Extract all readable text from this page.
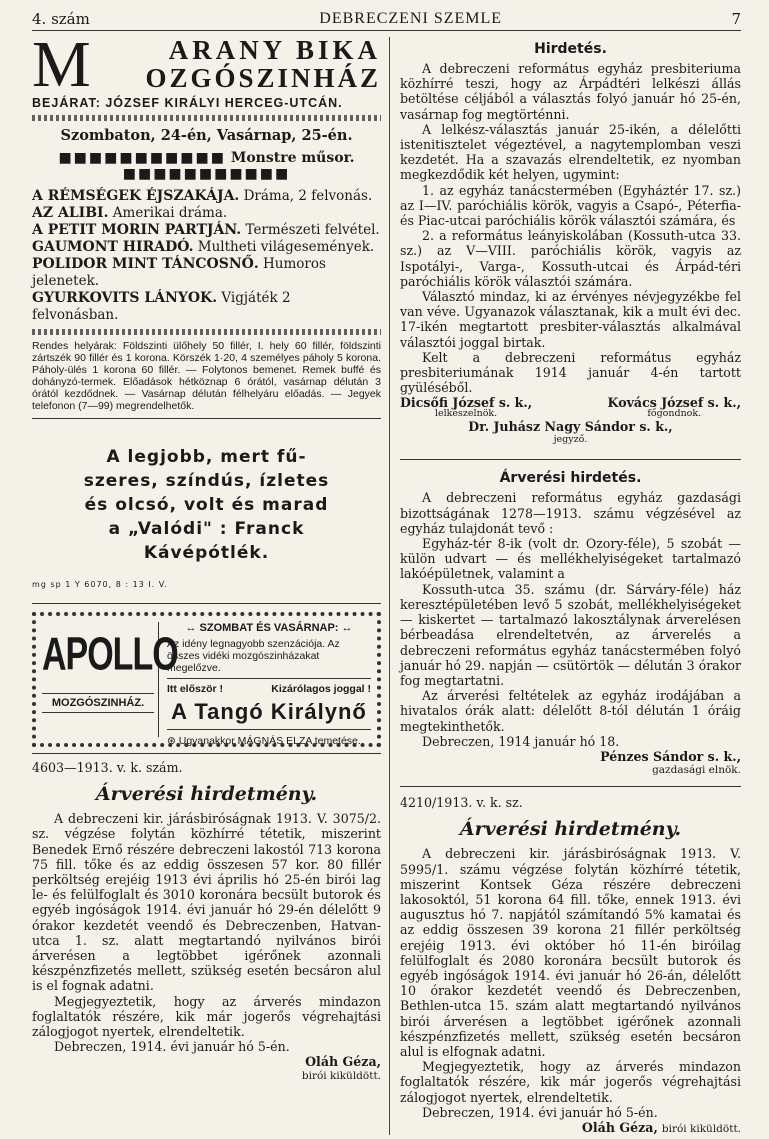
4. szám	DEBRECZENI SZEMLE	7
M	ARANY BIKA
OZGÓSZINHÁZ
BEJÁRAT: JÓZSEF KIRÁLYI HERCEG-UTCÁN.
Szombaton, 24-én, Vasárnap, 25-én.
■■■■■■■■■■■ Monstre műsor. ■■■■■■■■■■■
A RÉMSÉGEK ÉJSZAKÁJA. Dráma, 2 felvonás.
AZ ALIBI. Amerikai dráma.
A PETIT MORIN PARTJÁN. Természeti felvétel.
GAUMONT HIRADÓ. Multheti világesemények.
POLIDOR MINT TÁNCOSNŐ. Humoros jelenetek.
GYURKOVITS LÁNYOK. Vigjáték 2 felvonásban.

Rendes helyárak: Földszinti ülőhely 50 fillér, I. hely 60 fillér, földszinti zártszék 90 fillér és 1 korona. Körszék 1·20, 4 személyes páholy 5 korona. Páholy-ülés 1 korona 60 fillér. — Folytonos bemenet. Remek buffé és dohányzó-termek. Előadások hétköznap 6 órától, vasárnap délután 3 órától kezdődnek. — Vasárnap délután félhelyáru előadás. — Jegyek telefonon (7—99) megrendelhetők.

A legjobb, mert fű-
szeres, színdús, ízletes
és olcsó, volt és marad
a „Valódi" : Franck
Kávépótlék.
mg sp 1 Y 6070, 8 : 13 I. V.
APOLLO
MOZGÓSZINHÁZ.
↔ SZOMBAT ÉS VASÁRNAP: ↔
Az idény legnagyobb szenzációja. Az összes vidéki mozgószinházakat megelőzve.
Itt először !	Kizárólagos joggal !
A Tangó Királynő
⊛ Ugyanakkor MÁGNÁS ELZA temetése.

4603—1913. v. k. szám.

Árverési hirdetmény.

A debreczeni kir. járásbiróságnak 1913. V. 3075/2. sz. végzése folytán közhírré tétetik, miszerint Benedek Ernő részére debreczeni lakostól 713 korona 75 fill. tőke és az eddig összesen 57 kor. 80 fillér perköltség erejéig 1913 évi április hó 25-én birói lag le- és felülfoglalt és 3010 koronára becsült butorok és egyéb ingóságok 1914. évi január hó 29-én délelőtt 9 órakor kezdetét veendő és Debreczenben, Hatvan-utca 1. sz. alatt megtartandó nyilvános birói árverésen a legtöbbet igérőnek azonnali készpénzfizetés mellett, szükség esetén becsáron alul is el fognak adatni.

Megjegyeztetik, hogy az árverés mindazon foglaltatók részére, kik már jogerős végrehajtási zálogjogot nyertek, elrendeltetik.

Debreczen, 1914. évi január hó 5-én.

Oláh Géza,

birói kiküldött.

Hirdetés.

A debreczeni református egyház presbiteriuma közhírré teszi, hogy az Árpádtéri lelkészi állás betöltése céljából a választás folyó január hó 25-én, vasárnap fog megtörténni.

A lelkész-választás január 25-ikén, a délelőtti istenitisztelet végeztével, a nagytemplomban veszi kezdetét. Ha a szavazás elrendeltetik, ez nyomban megkezdődik két helyen, ugymint:

1. az egyház tanácstermében (Egyháztér 17. sz.) az I—IV. paróchiális körök, vagyis a Csapó-, Péterfia- és Piac-utcai paróchiális körök választói számára, és

2. a református leányiskolában (Kossuth-utca 33. sz.) az V—VIII. paróchiális körök, vagyis az Ispotályi-, Varga-, Kossuth-utcai és Árpád-téri paróchiális körök választói számára.

Választó mindaz, ki az érvényes névjegyzékbe fel van véve. Ugyanazok választanak, kik a mult évi dec. 17-ikén megtartott presbiter-választás alkalmával választói joggal birtak.

Kelt a debreczeni református egyház presbiteriumának 1914 január 4-én tartott gyüléséből.

Dicsőfi József s. k.,
lelkészelnök.
Kovács József s. k.,
főgondnok.
Dr. Juhász Nagy Sándor s. k.,
jegyző.
Árverési hirdetés.

A debreczeni református egyház gazdasági bizottságának 1278—1913. számu végzésével az egyház tulajdonát tevő :

Egyház-tér 8-ik (volt dr. Ozory-féle), 5 szobát — külön udvart — és mellékhelyiségeket tartalmazó lakóépületnek, valamint a

Kossuth-utca 35. számu (dr. Sárváry-féle) ház keresztépületében levő 5 szobát, mellékhelyiségeket — kiskertet — tartalmazó lakosztálynak árverelésen bérbeadása elrendeltetvén, az árverelés a debreczeni református egyház tanácstermében folyó január hó 29. napján — csütörtök — délután 3 órakor fog megtartatni.

Az árverési feltételek az egyház irodájában a hivatalos órák alatt: délelőtt 8-tól délután 1 óráig megtekinthetők.

Debreczen, 1914 január hó 18.

Pénzes Sándor s. k.,

gazdasági elnök.

4210/1913. v. k. sz.

Árverési hirdetmény.

A debreczeni kir. járásbiróságnak 1913. V. 5995/1. számu végzése folytán közhírré tétetik, miszerint Kontsek Géza részére debreczeni lakosoktól, 51 korona 64 fill. tőke, ennek 1913. évi augusztus hó 7. napjától számítandó 5% kamatai és az eddig összesen 39 korona 21 fillér perköltség erejéig 1913. évi október hó 11-én biróilag felülfoglalt és 2080 koronára becsült butorok és egyéb ingóságok 1914. évi január hó 26-án, délelőtt 10 órakor kezdetét veendő és Debreczenben, Bethlen-utca 15. szám alatt megtartandó nyilvános birói árverésen a legtöbbet igérőnek azonnali készpénzfizetés mellett, szükség esetén becsáron alul is elfognak adatni.

Megjegyeztetik, hogy az árverés mindazon foglaltatók részére, kik már jogerős végrehajtási zálogjogot nyertek, elrendeltetik.

Debreczen, 1914. évi január hó 5-én.

Oláh Géza, birói kiküldött.
